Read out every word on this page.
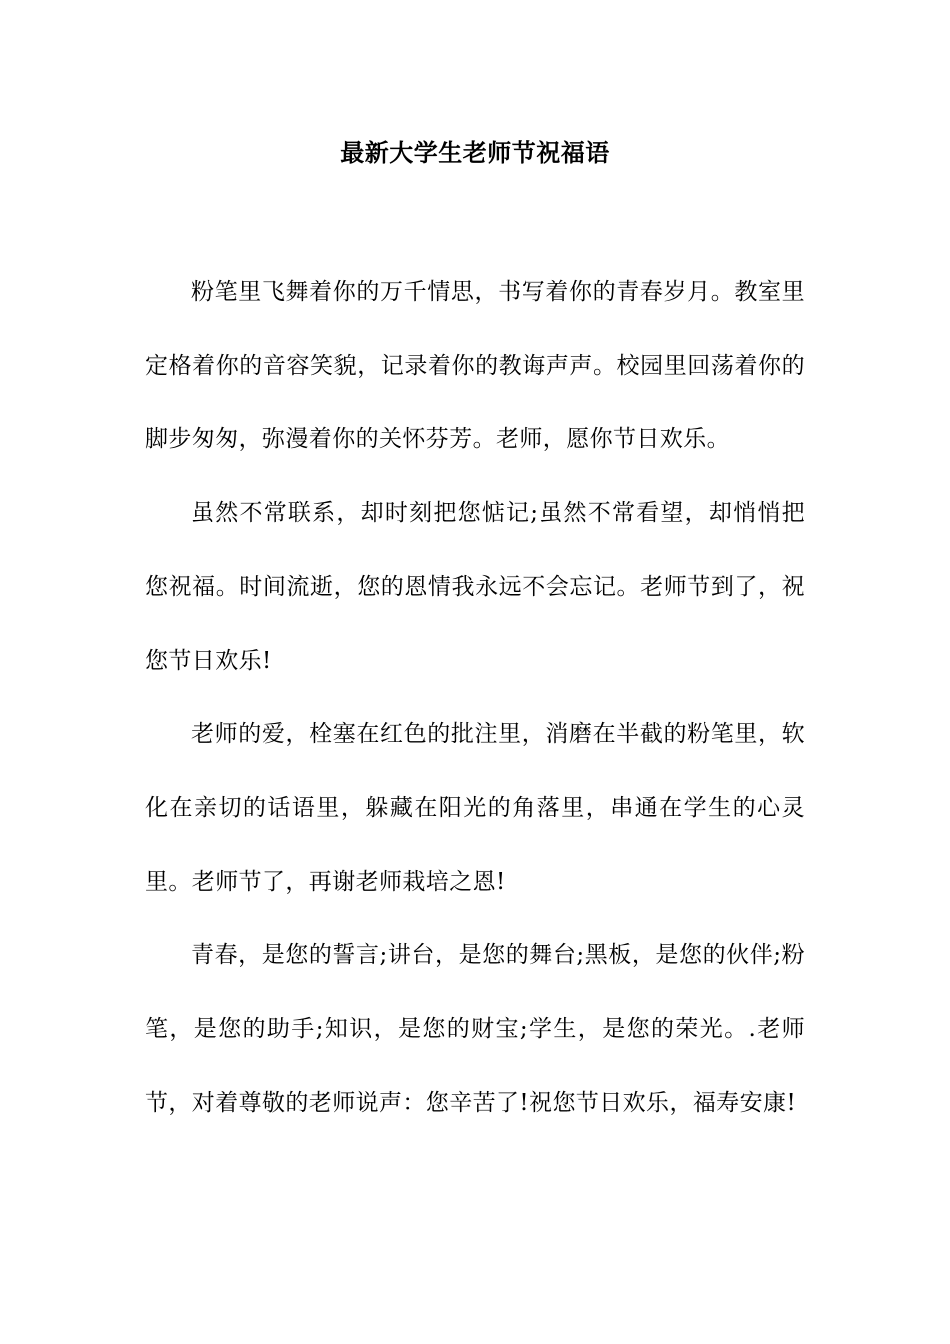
最新大学生老师节祝福语

粉笔里飞舞着你的万千情思，书写着你的青春岁月。教室里定格着你的音容笑貌，记录着你的教诲声声。校园里回荡着你的脚步匆匆，弥漫着你的关怀芬芳。老师，愿你节日欢乐。

虽然不常联系，却时刻把您惦记;虽然不常看望，却悄悄把您祝福。时间流逝，您的恩情我永远不会忘记。老师节到了，祝您节日欢乐!

老师的爱，栓塞在红色的批注里，消磨在半截的粉笔里，软化在亲切的话语里，躲藏在阳光的角落里，串通在学生的心灵里。老师节了，再谢老师栽培之恩!

青春，是您的誓言;讲台，是您的舞台;黑板，是您的伙伴;粉笔，是您的助手;知识，是您的财宝;学生，是您的荣光。.老师节，对着尊敬的老师说声：您辛苦了!祝您节日欢乐，福寿安康!
